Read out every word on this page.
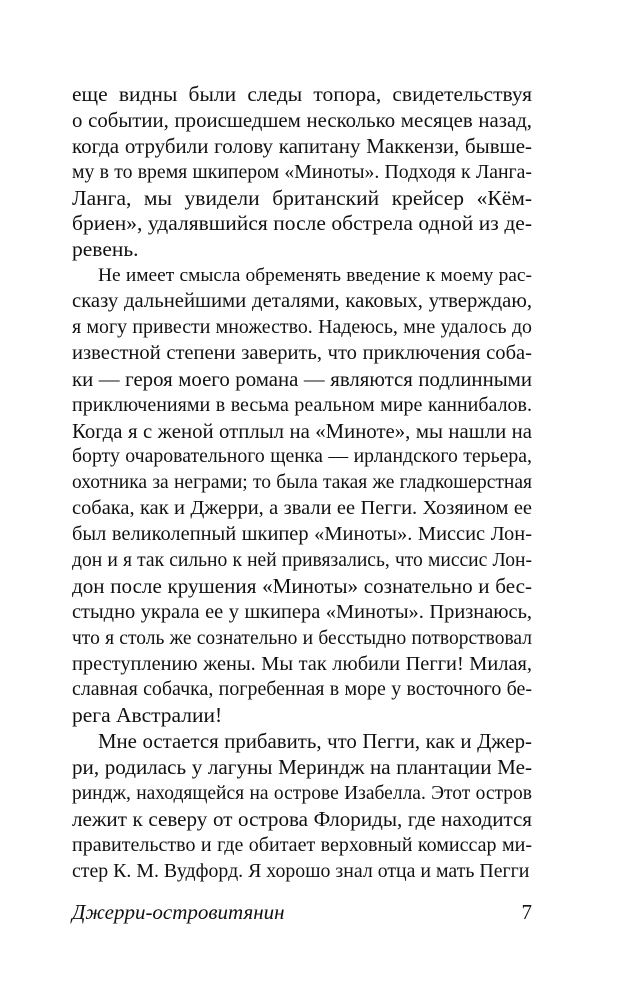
еще видны были следы топора, свидетельствуя
о событии, происшедшем несколько месяцев назад,
когда отрубили голову капитану Маккензи, бывше-
му в то время шкипером «Миноты». Подходя к Ланга-
Ланга, мы увидели британский крейсер «Кём-
бриен», удалявшийся после обстрела одной из де-
ревень.
Не имеет смысла обременять введение к моему рас-
сказу дальнейшими деталями, каковых, утверждаю,
я могу привести множество. Надеюсь, мне удалось до
известной степени заверить, что приключения соба-
ки — героя моего романа — являются подлинными
приключениями в весьма реальном мире каннибалов.
Когда я с женой отплыл на «Миноте», мы нашли на
борту очаровательного щенка — ирландского терьера,
охотника за неграми; то была такая же гладкошерстная
собака, как и Джерри, а звали ее Пегги. Хозяином ее
был великолепный шкипер «Миноты». Миссис Лон-
дон и я так сильно к ней привязались, что миссис Лон-
дон после крушения «Миноты» сознательно и бес-
стыдно украла ее у шкипера «Миноты». Признаюсь,
что я столь же сознательно и бесстыдно потворствовал
преступлению жены. Мы так любили Пегги! Милая,
славная собачка, погребенная в море у восточного бе-
рега Австралии!
Мне остается прибавить, что Пегги, как и Джер-
ри, родилась у лагуны Мериндж на плантации Ме-
риндж, находящейся на острове Изабелла. Этот остров
лежит к северу от острова Флориды, где находится
правительство и где обитает верховный комиссар ми-
стер К. М. Вудфорд. Я хорошо знал отца и мать Пегги
Джерри-островитянин	7
